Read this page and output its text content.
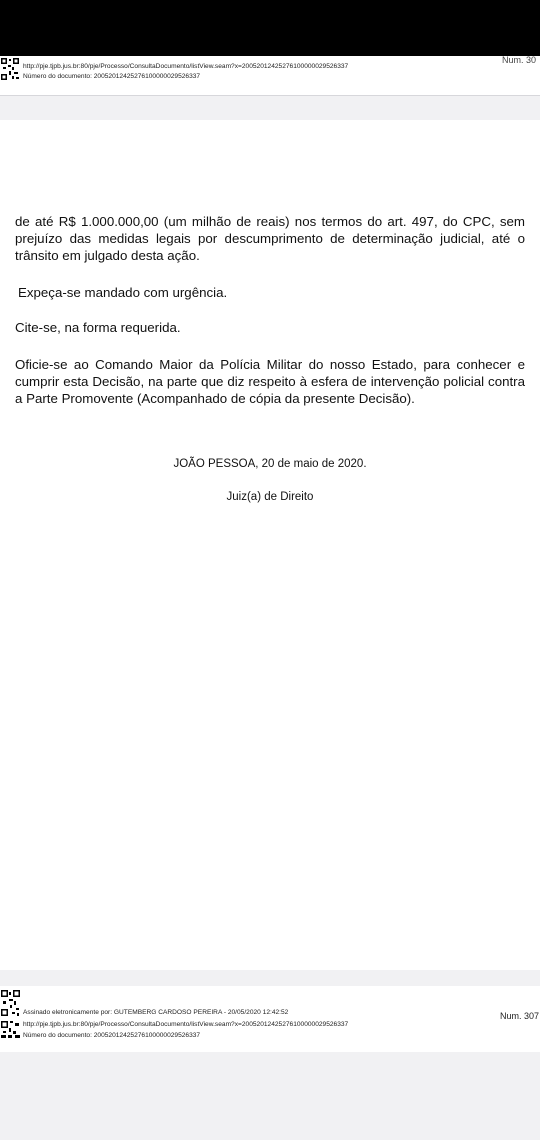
http://pje.tjpb.jus.br:80/pje/Processo/ConsultaDocumento/listView.seam?x=20052012425276100000029526337
Número do documento: 20052012425276100000029526337
Num. 30
de até R$ 1.000.000,00 (um milhão de reais) nos termos do art. 497, do CPC, sem prejuízo das medidas legais por descumprimento de determinação judicial, até o trânsito em julgado desta ação.
Expeça-se mandado com urgência.
Cite-se, na forma requerida.
Oficie-se ao Comando Maior da Polícia Militar do nosso Estado, para conhecer e cumprir esta Decisão, na parte que diz respeito à esfera de intervenção policial contra a Parte Promovente (Acompanhado de cópia da presente Decisão).
JOÃO PESSOA, 20 de maio de 2020.
Juiz(a) de Direito
Assinado eletronicamente por: GUTEMBERG CARDOSO PEREIRA - 20/05/2020 12:42:52
http://pje.tjpb.jus.br:80/pje/Processo/ConsultaDocumento/listView.seam?x=20052012425276100000029526337
Número do documento: 20052012425276100000029526337
Num. 307
